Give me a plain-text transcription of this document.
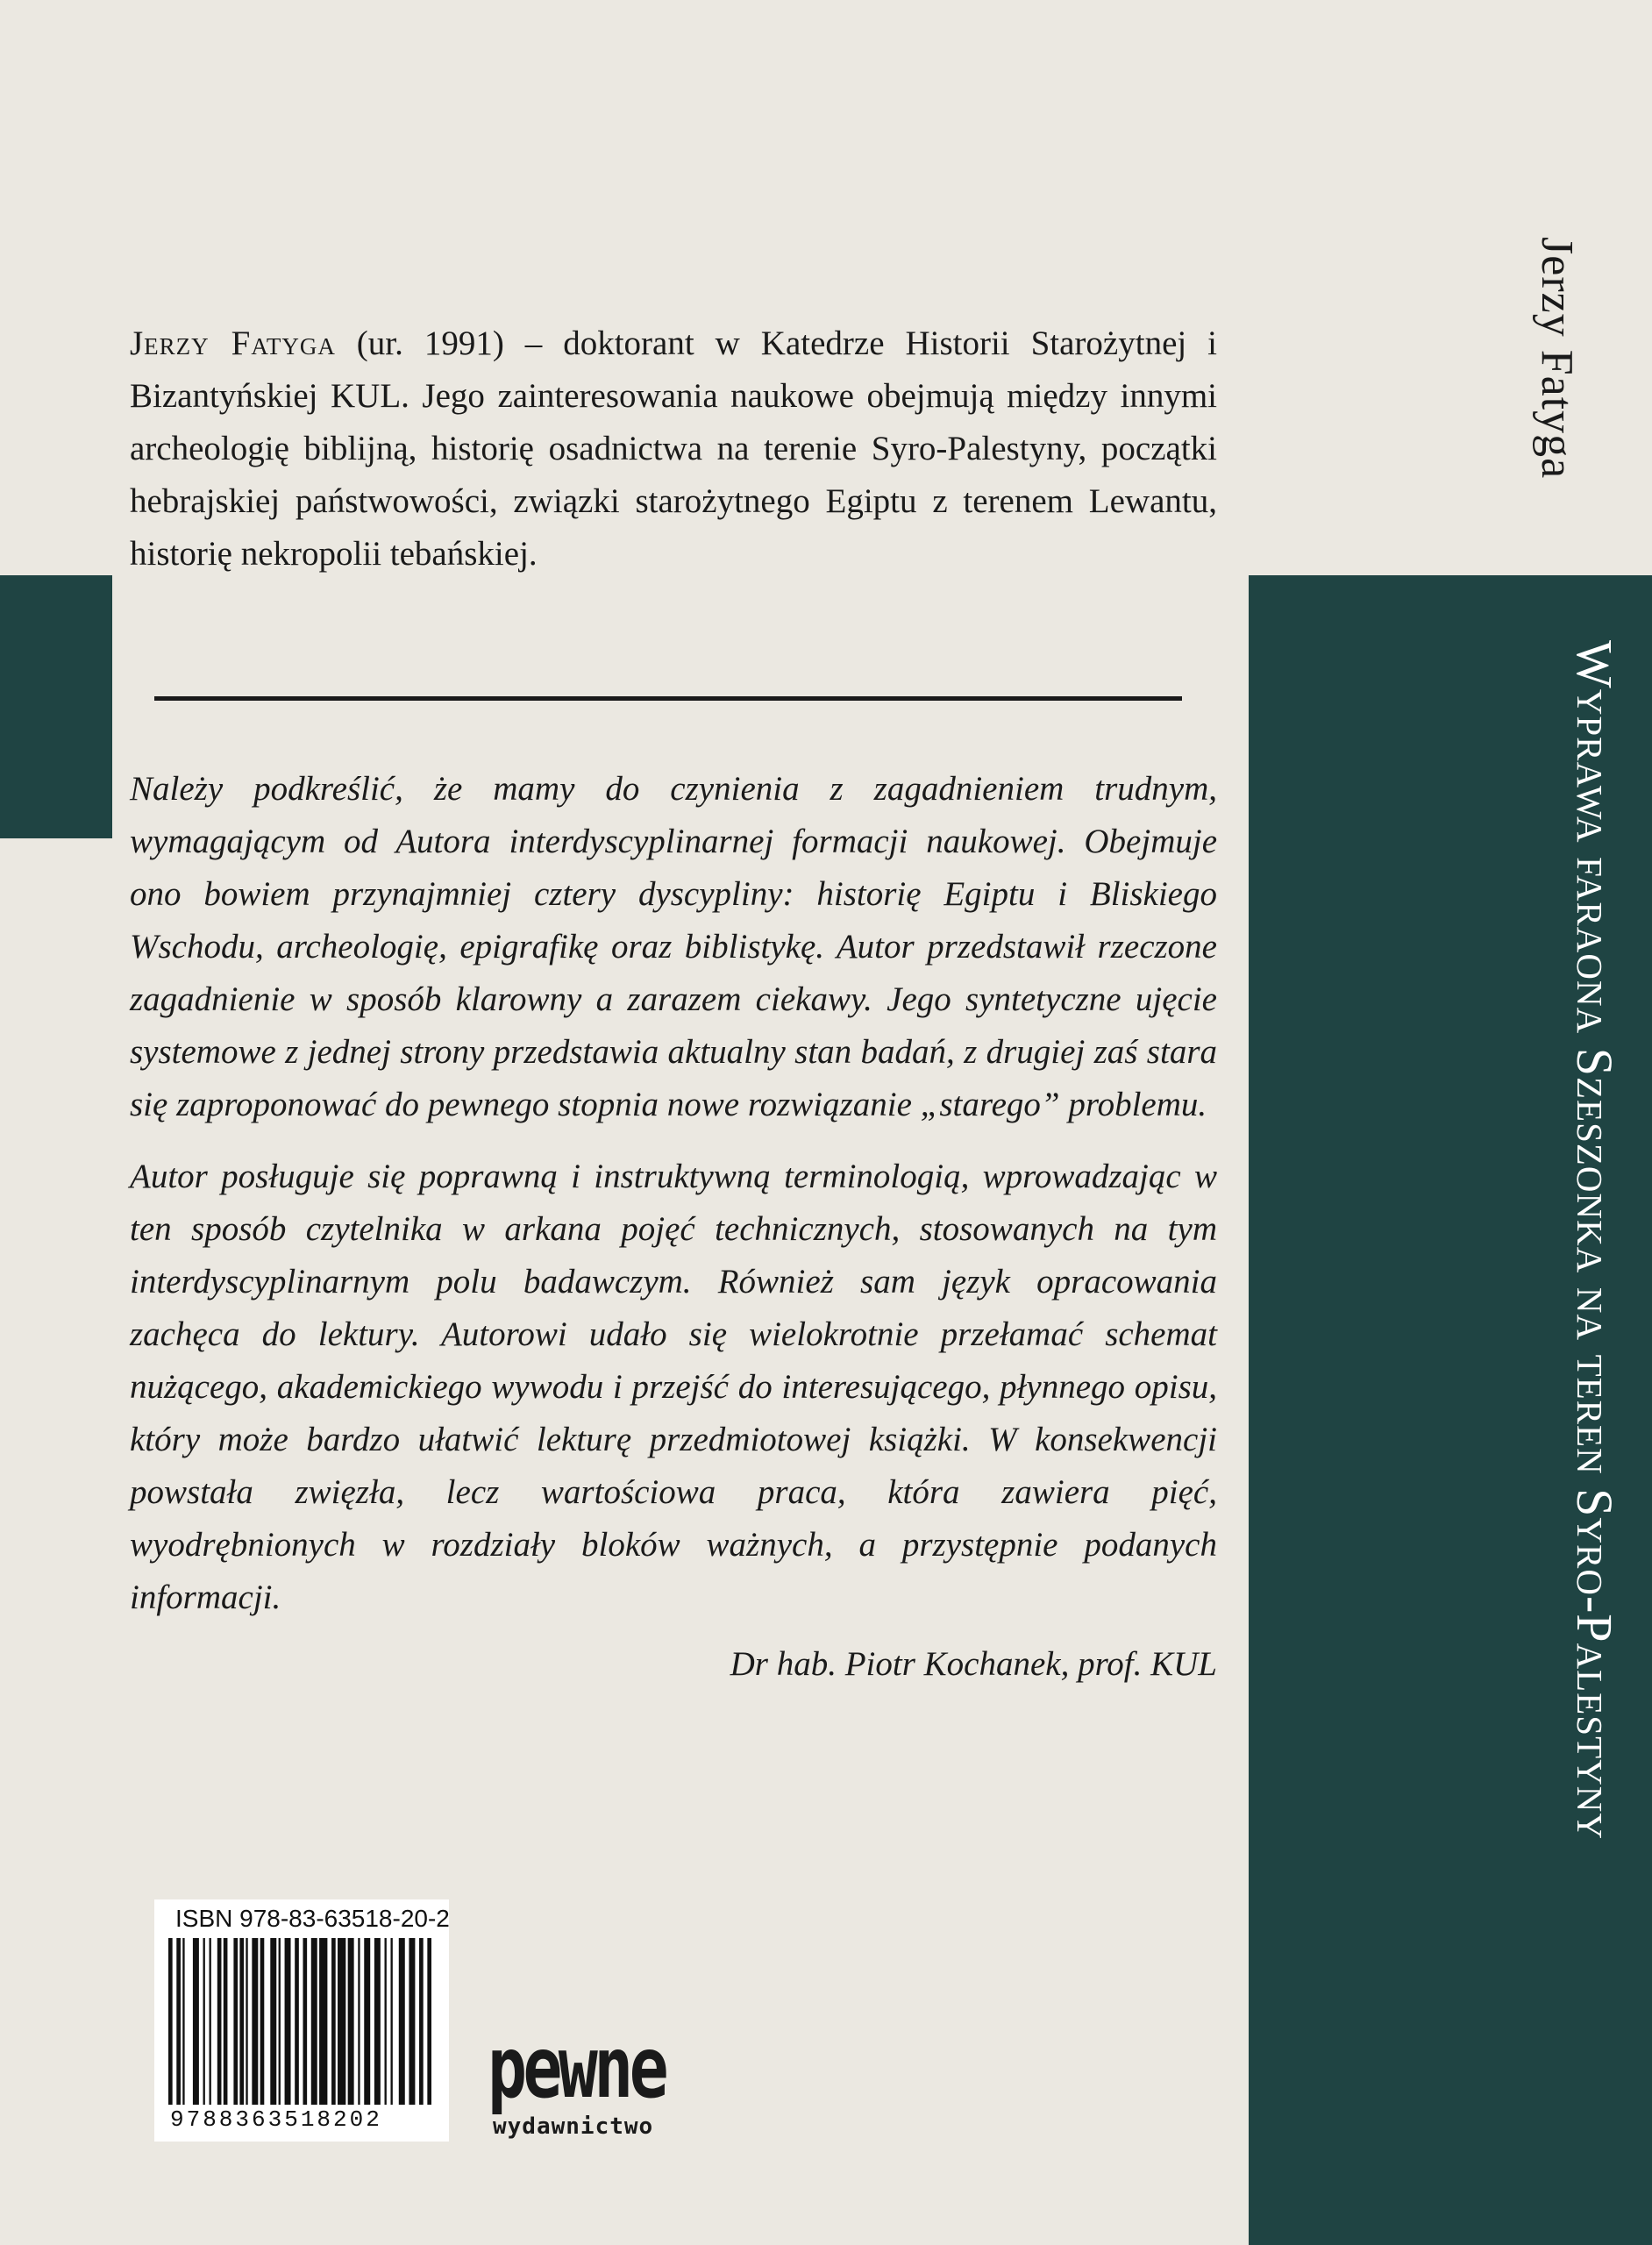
Jerzy Fatyga
Wyprawa faraona Szeszonka na teren Syro-Palestyny

Jerzy Fatyga (ur. 1991) – doktorant w Katedrze Historii Starożytnej i Bizantyńskiej KUL. Jego zainteresowania naukowe obejmują między innymi archeologię biblijną, historię osadnictwa na terenie Syro-Palestyny, początki hebrajskiej państwowości, związki starożytnego Egiptu z terenem Lewantu, historię nekropolii tebańskiej.

Należy podkreślić, że mamy do czynienia z zagadnieniem trudnym, wymagającym od Autora interdyscyplinarnej formacji naukowej. Obejmuje ono bowiem przynajmniej cztery dyscypliny: historię Egiptu i Bliskiego Wschodu, archeologię, epigrafikę oraz biblistykę. Autor przedstawił rzeczone zagadnienie w sposób klarowny a zarazem ciekawy. Jego syntetyczne ujęcie systemowe z jednej strony przedstawia aktualny stan badań, z drugiej zaś stara się zaproponować do pewnego stopnia nowe rozwiązanie „starego” problemu.

Autor posługuje się poprawną i instruktywną terminologią, wprowadzając w ten sposób czytelnika w arkana pojęć technicznych, stosowanych na tym interdyscyplinarnym polu badawczym. Również sam język opracowania zachęca do lektury. Autorowi udało się wielokrotnie przełamać schemat nużącego, akademickiego wywodu i przejść do interesującego, płynnego opisu, który może bardzo ułatwić lekturę przedmiotowej książki. W konsekwencji powstała zwięzła, lecz wartościowa praca, która zawiera pięć, wyodrębnionych w rozdziały bloków ważnych, a przystępnie podanych informacji.

Dr hab. Piotr Kochanek, prof. KUL

ISBN 978-83-63518-20-2
9788363518202
pewne
wydawnictwo
